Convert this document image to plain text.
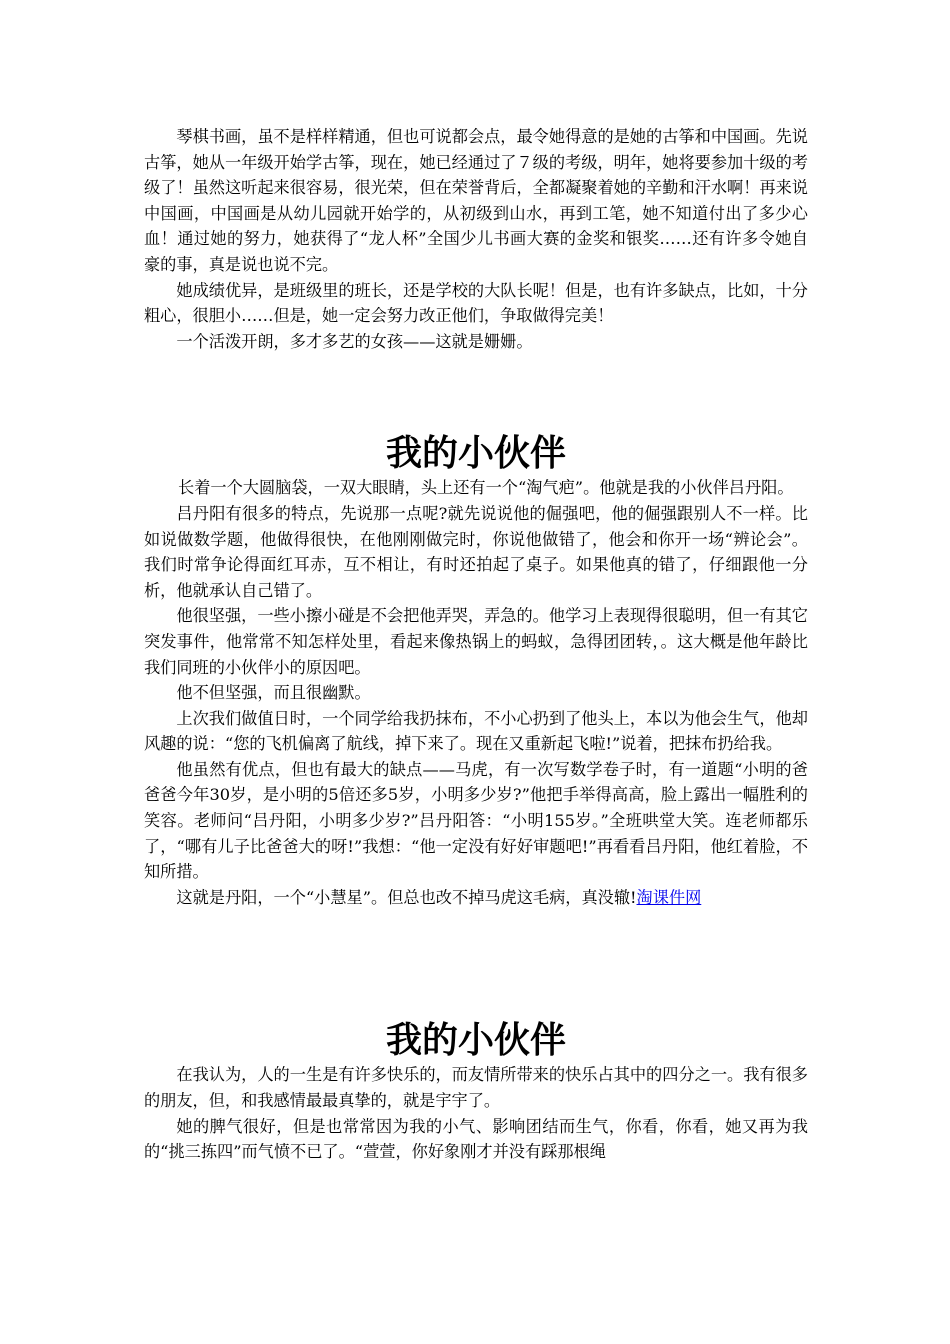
琴棋书画，虽不是样样精通，但也可说都会点，最令她得意的是她的古筝和中国画。先说古筝，她从一年级开始学古筝，现在，她已经通过了７级的考级，明年，她将要参加十级的考级了！虽然这听起来很容易，很光荣，但在荣誉背后，全都凝聚着她的辛勤和汗水啊！再来说中国画，中国画是从幼儿园就开始学的，从初级到山水，再到工笔，她不知道付出了多少心血！通过她的努力，她获得了“龙人杯”全国少儿书画大赛的金奖和银奖……还有许多令她自豪的事，真是说也说不完。

她成绩优异，是班级里的班长，还是学校的大队长呢！但是，也有许多缺点，比如，十分粗心，很胆小……但是，她一定会努力改正他们，争取做得完美！

一个活泼开朗，多才多艺的女孩——这就是姗姗。

我的小伙伴

长着一个大圆脑袋，一双大眼睛，头上还有一个“淘气疤”。他就是我的小伙伴吕丹阳。

吕丹阳有很多的特点，先说那一点呢?就先说说他的倔强吧，他的倔强跟别人不一样。比如说做数学题，他做得很快，在他刚刚做完时，你说他做错了，他会和你开一场“辨论会”。我们时常争论得面红耳赤，互不相让，有时还拍起了桌子。如果他真的错了，仔细跟他一分析，他就承认自己错了。

他很坚强，一些小擦小碰是不会把他弄哭，弄急的。他学习上表现得很聪明，但一有其它突发事件，他常常不知怎样处里，看起来像热锅上的蚂蚁，急得团团转，。这大概是他年龄比我们同班的小伙伴小的原因吧。

他不但坚强，而且很幽默。

上次我们做值日时，一个同学给我扔抹布，不小心扔到了他头上，本以为他会生气，他却风趣的说：“您的飞机偏离了航线，掉下来了。现在又重新起飞啦!”说着，把抹布扔给我。

他虽然有优点，但也有最大的缺点——马虎，有一次写数学卷子时，有一道题“小明的爸爸爸今年30岁，是小明的5倍还多5岁，小明多少岁?”他把手举得高高，脸上露出一幅胜利的笑容。老师问“吕丹阳，小明多少岁?”吕丹阳答：“小明155岁。”全班哄堂大笑。连老师都乐了，“哪有儿子比爸爸大的呀!”我想：“他一定没有好好审题吧!”再看看吕丹阳，他红着脸，不知所措。

这就是丹阳，一个“小慧星”。但总也改不掉马虎这毛病，真没辙!淘课件网

我的小伙伴

在我认为，人的一生是有许多快乐的，而友情所带来的快乐占其中的四分之一。我有很多的朋友，但，和我感情最最真挚的，就是宇宇了。

她的脾气很好，但是也常常因为我的小气、影响团结而生气，你看，你看，她又再为我的“挑三拣四”而气愤不已了。“萱萱，你好象刚才并没有踩那根绳
